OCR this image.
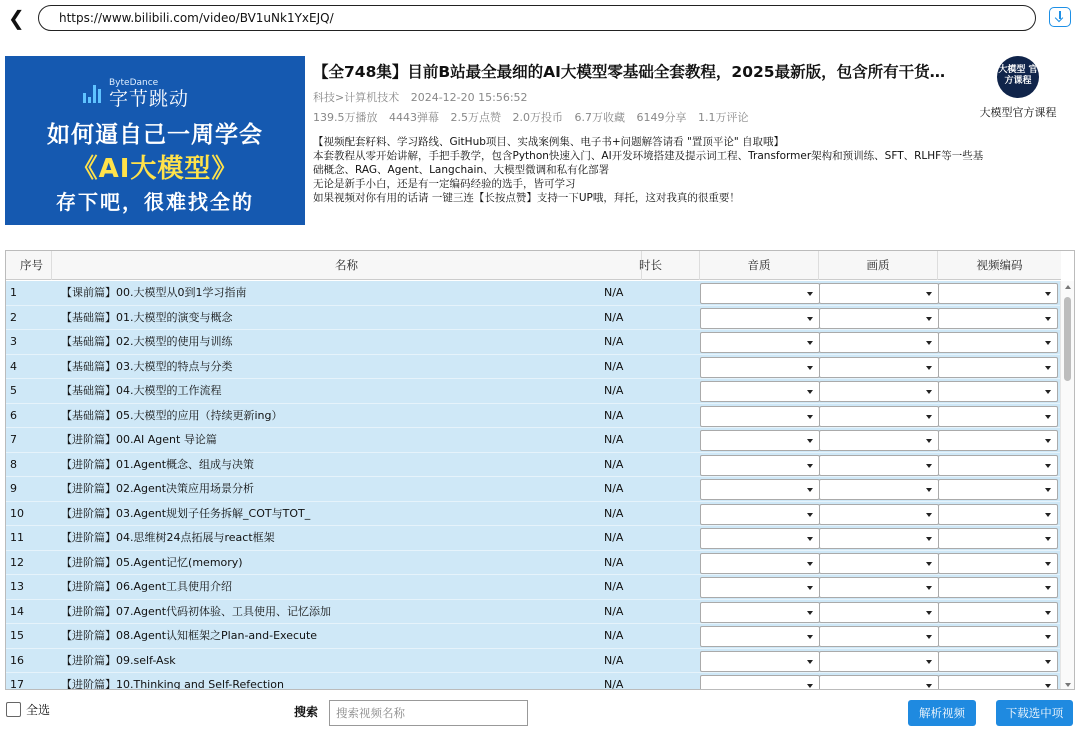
❮	https://www.bilibili.com/video/BV1uNk1YxEJQ/
ByteDance
字节跳动
如何逼自己一周学会
《AI大模型》
存下吧，很难找全的
【全748集】目前B站最全最细的AI大模型零基础全套教程，2025最新版，包含所有干货…
科技>计算机技术 2024-12-20 15:56:52
139.5万播放 4443弹幕 2.5万点赞 2.0万投币 6.7万收藏 6149分享 1.1万评论
【视频配套籽料、学习路线、GitHub项目、实战案例集、电子书+问题解答请看 "置顶平论" 自取哦】
本套教程从零开始讲解，手把手教学，包含Python快速入门、AI开发环境搭建及提示词工程、Transformer架构和预训练、SFT、RLHF等一些基
础概念、RAG、Agent、Langchain、大模型微调和私有化部署
无论是新手小白，还是有一定编码经验的选手，皆可学习
如果视频对你有用的话请 一键三连【长按点赞】支持一下UP哦，拜托，这对我真的很重要！
大模型 官方课程
大模型官方课程
序号	名称	时长	音质	画质	视频编码
1	【课前篇】00.大模型从0到1学习指南	N/A
2	【基础篇】01.大模型的演变与概念	N/A
3	【基础篇】02.大模型的使用与训练	N/A
4	【基础篇】03.大模型的特点与分类	N/A
5	【基础篇】04.大模型的工作流程	N/A
6	【基础篇】05.大模型的应用（持续更新ing）	N/A
7	【进阶篇】00.AI Agent 导论篇	N/A
8	【进阶篇】01.Agent概念、组成与决策	N/A
9	【进阶篇】02.Agent决策应用场景分析	N/A
10	【进阶篇】03.Agent规划子任务拆解_COT与TOT_	N/A
11	【进阶篇】04.思维树24点拓展与react框架	N/A
12	【进阶篇】05.Agent记忆(memory)	N/A
13	【进阶篇】06.Agent工具使用介绍	N/A
14	【进阶篇】07.Agent代码初体验、工具使用、记忆添加	N/A
15	【进阶篇】08.Agent认知框架之Plan-and-Execute	N/A
16	【进阶篇】09.self-Ask	N/A
17	【进阶篇】10.Thinking and Self-Refection	N/A
全选	搜索
搜索视频名称	解析视频	下载选中项
